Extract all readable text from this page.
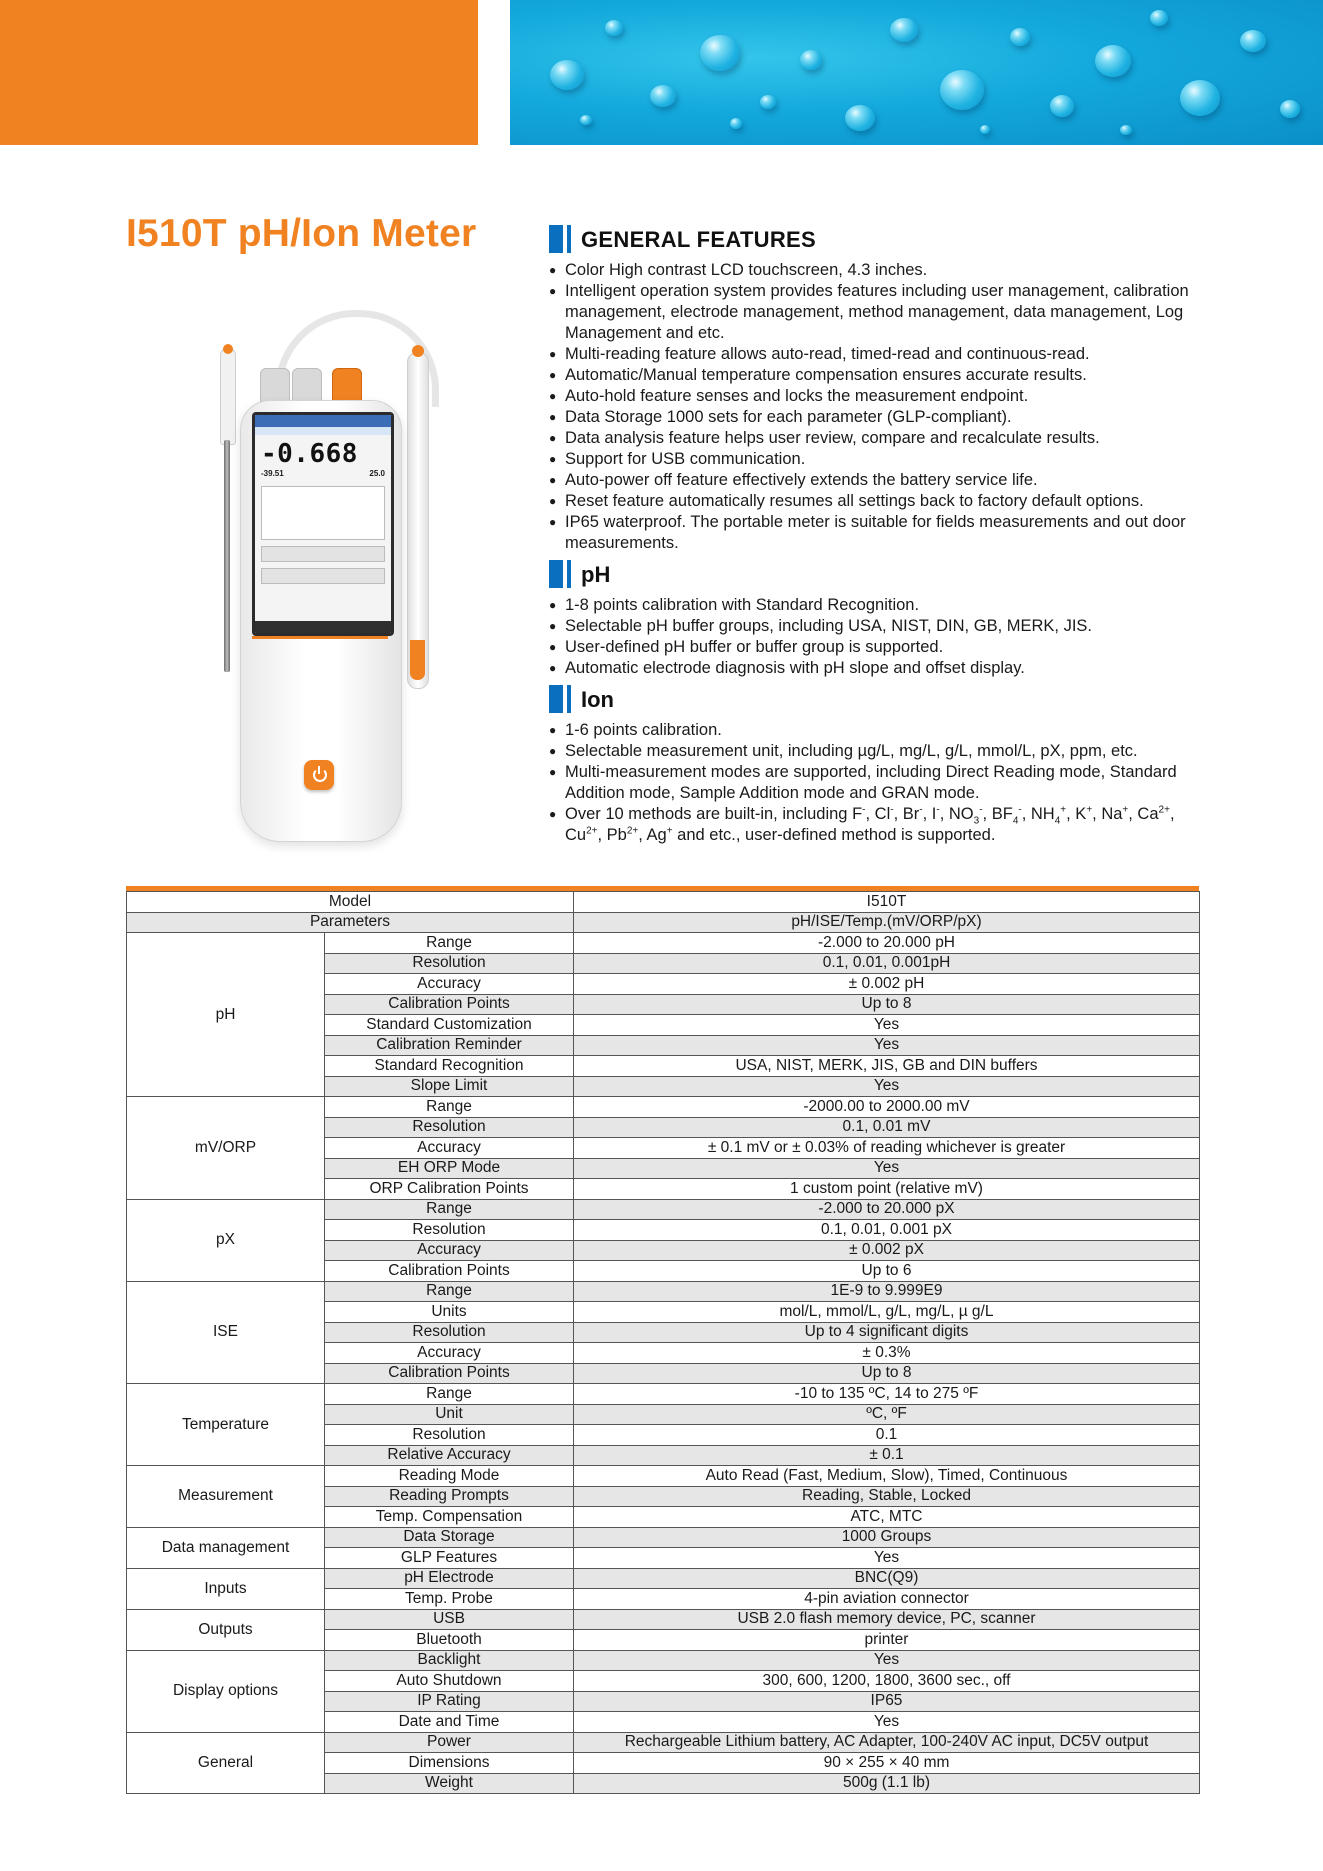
I510T pH/Ion Meter
-0.668
-39.51	25.0
GENERAL FEATURES
● Color High contrast LCD touchscreen, 4.3 inches.
● Intelligent operation system provides features including user management, calibration management, electrode management, method management, data management, Log Management and etc.
● Multi-reading feature allows auto-read, timed-read and continuous-read.
● Automatic/Manual temperature compensation ensures accurate results.
● Auto-hold feature senses and locks the measurement endpoint.
● Data Storage 1000 sets for each parameter (GLP-compliant).
● Data analysis feature helps user review, compare and recalculate results.
● Support for USB communication.
● Auto-power off feature effectively extends the battery service life.
● Reset feature automatically resumes all settings back to factory default options.
● IP65 waterproof. The portable meter is suitable for fields measurements and out door measurements.
pH
● 1-8 points calibration with Standard Recognition.
● Selectable pH buffer groups, including USA, NIST, DIN, GB, MERK, JIS.
● User-defined pH buffer or buffer group is supported.
● Automatic electrode diagnosis with pH slope and offset display.
Ion
● 1-6 points calibration.
● Selectable measurement unit, including µg/L, mg/L, g/L, mmol/L, pX, ppm, etc.
● Multi-measurement modes are supported, including Direct Reading mode, Standard Addition mode, Sample Addition mode and GRAN mode.
● Over 10 methods are built-in, including F-, Cl-, Br-, I-, $NO_3^-$, $BF_4^-$, $NH_4^+$, K+, Na+, $Ca^{2+}$, $Cu^{2+}$, $Pb^{2+}$, Ag+ and etc., user-defined method is supported.
Model		I510T
Parameters		pH/ISE/Temp.(mV/ORP/pX)
pH	Range	-2.000 to 20.000 pH
	Resolution	0.1, 0.01, 0.001pH
	Accuracy	± 0.002 pH
	Calibration Points	Up to 8
	Standard Customization	Yes
	Calibration Reminder	Yes
	Standard Recognition	USA, NIST, MERK, JIS, GB and DIN buffers
	Slope Limit	Yes
mV/ORP	Range	-2000.00 to 2000.00 mV
	Resolution	0.1, 0.01 mV
	Accuracy	± 0.1 mV or ± 0.03% of reading whichever is greater
	EH ORP Mode	Yes
	ORP Calibration Points	1 custom point (relative mV)
pX	Range	-2.000 to 20.000 pX
	Resolution	0.1, 0.01, 0.001 pX
	Accuracy	± 0.002 pX
	Calibration Points	Up to 6
ISE	Range	1E-9 to 9.999E9
	Units	mol/L, mmol/L, g/L, mg/L, µ g/L
	Resolution	Up to 4 significant digits
	Accuracy	± 0.3%
	Calibration Points	Up to 8
Temperature	Range	-10 to 135 ºC, 14 to 275 ºF
	Unit	ºC, ºF
	Resolution	0.1
	Relative Accuracy	± 0.1
Measurement	Reading Mode	Auto Read (Fast, Medium, Slow), Timed, Continuous
	Reading Prompts	Reading, Stable, Locked
	Temp. Compensation	ATC, MTC
Data management	Data Storage	1000 Groups
	GLP Features	Yes
Inputs	pH Electrode	BNC(Q9)
	Temp. Probe	4-pin aviation connector
Outputs	USB	USB 2.0 flash memory device, PC, scanner
	Bluetooth	printer
Display options	Backlight	Yes
	Auto Shutdown	300, 600, 1200, 1800, 3600 sec., off
	IP Rating	IP65
	Date and Time	Yes
General	Power	Rechargeable Lithium battery, AC Adapter, 100-240V AC input, DC5V output
	Dimensions	90 × 255 × 40 mm
	Weight	500g (1.1 lb)
